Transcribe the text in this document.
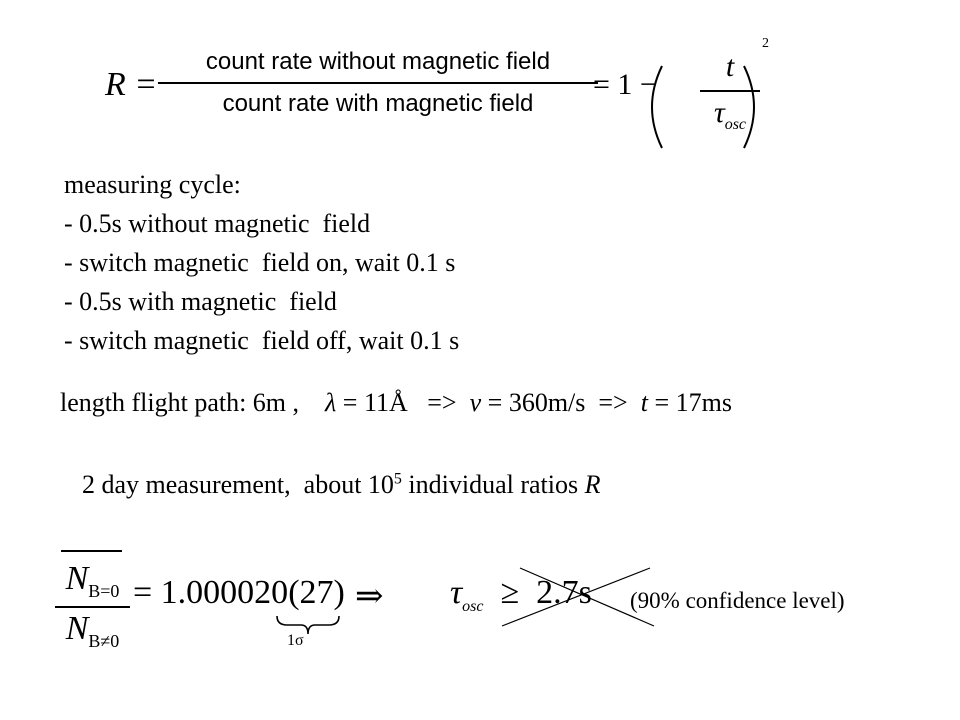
R =
count rate without magnetic field
count rate with magnetic field
= 1 −
t
$\tau_{osc}$
2
measuring cycle:
- 0.5s without magnetic  field
- switch magnetic  field on, wait 0.1 s
- 0.5s with magnetic  field
- switch magnetic  field off, wait 0.1 s
length flight path: 6m ,    λ = 11Å   =>  v = 360m/s  =>  t = 17ms
2 day measurement,  about $10^5$ individual ratios R
$N_{B=0}$
$N_{B\ne 0}$
= 1.000020(27)
1σ
⇒ $\tau_{osc} \ge 2.7s$ (90% confidence level)
